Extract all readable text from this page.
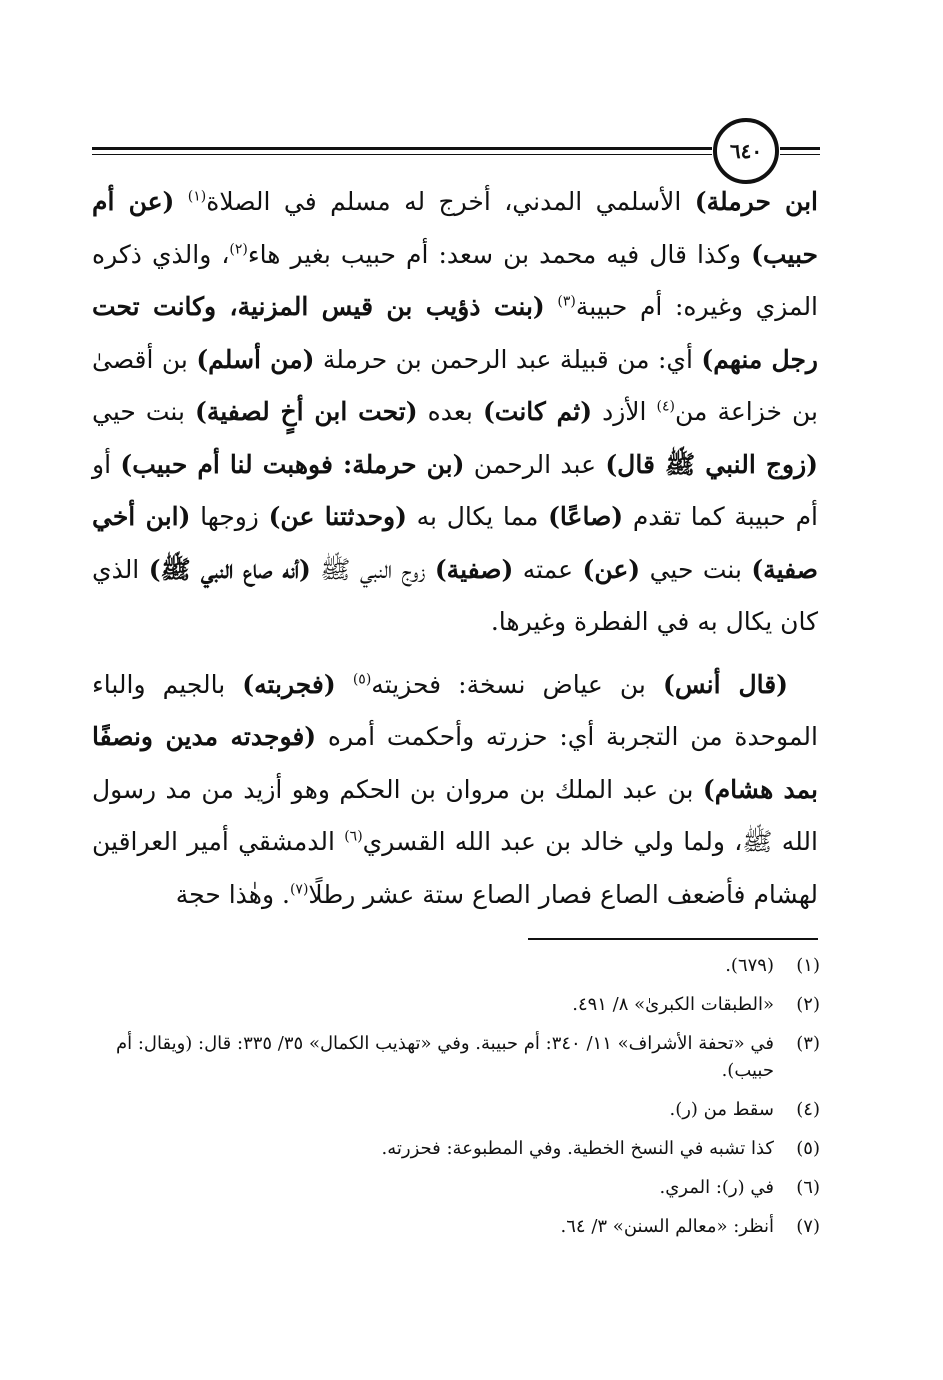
٦٤٠

ابن حرملة) الأسلمي المدني، أخرج له مسلم في الصلاة$^{(١)}$ (عن أم حبيب) وكذا قال فيه محمد بن سعد: أم حبيب بغير هاء$^{(٢)}$، والذي ذكره المزي وغيره: أم حبيبة$^{(٣)}$ (بنت ذؤيب بن قيس المزنية، وكانت تحت رجل منهم) أي: من قبيلة عبد الرحمن بن حرملة (من أسلم) بن أقصىٰ بن خزاعة من$^{(٤)}$ الأزد (ثم كانت) بعده (تحت ابن أخٍ لصفية) بنت حيي (زوج النبي ﷺ قال) عبد الرحمن (بن حرملة: فوهبت لنا أم حبيب) أو أم حبيبة كما تقدم (صاعًا) مما يكال به (وحدثتنا عن) زوجها (ابن أخي صفية) بنت حيي (عن) عمته (صفية) زوج النبي ﷺ (أنه صاع النبي ﷺ) الذي كان يكال به في الفطرة وغيرها.

(قال أنس) بن عياض نسخة: فحزيته$^{(٥)}$ (فجربته) بالجيم والباء الموحدة من التجربة أي: حزرته وأحكمت أمره (فوجدته مدين ونصفًا بمد هشام) بن عبد الملك بن مروان بن الحكم وهو أزيد من مد رسول الله ﷺ، ولما ولي خالد بن عبد الله القسري$^{(٦)}$ الدمشقي أمير العراقين لهشام فأضعف الصاع فصار الصاع ستة عشر رطلًا$^{(٧)}$. وهٰذا حجة

(١)
(٦٧٩).
(٢)
«الطبقات الكبرىٰ» ٨/ ٤٩١.
(٣)
في «تحفة الأشراف» ١١/ ٣٤٠: أم حبيبة. وفي «تهذيب الكمال» ٣٥/ ٣٣٥: قال: (ويقال: أم حبيب).
(٤)
سقط من (ر).
(٥)
كذا تشبه في النسخ الخطية. وفي المطبوعة: فحزرته.
(٦)
في (ر): المري.
(٧)
أنظر: «معالم السنن» ٣/ ٦٤.
